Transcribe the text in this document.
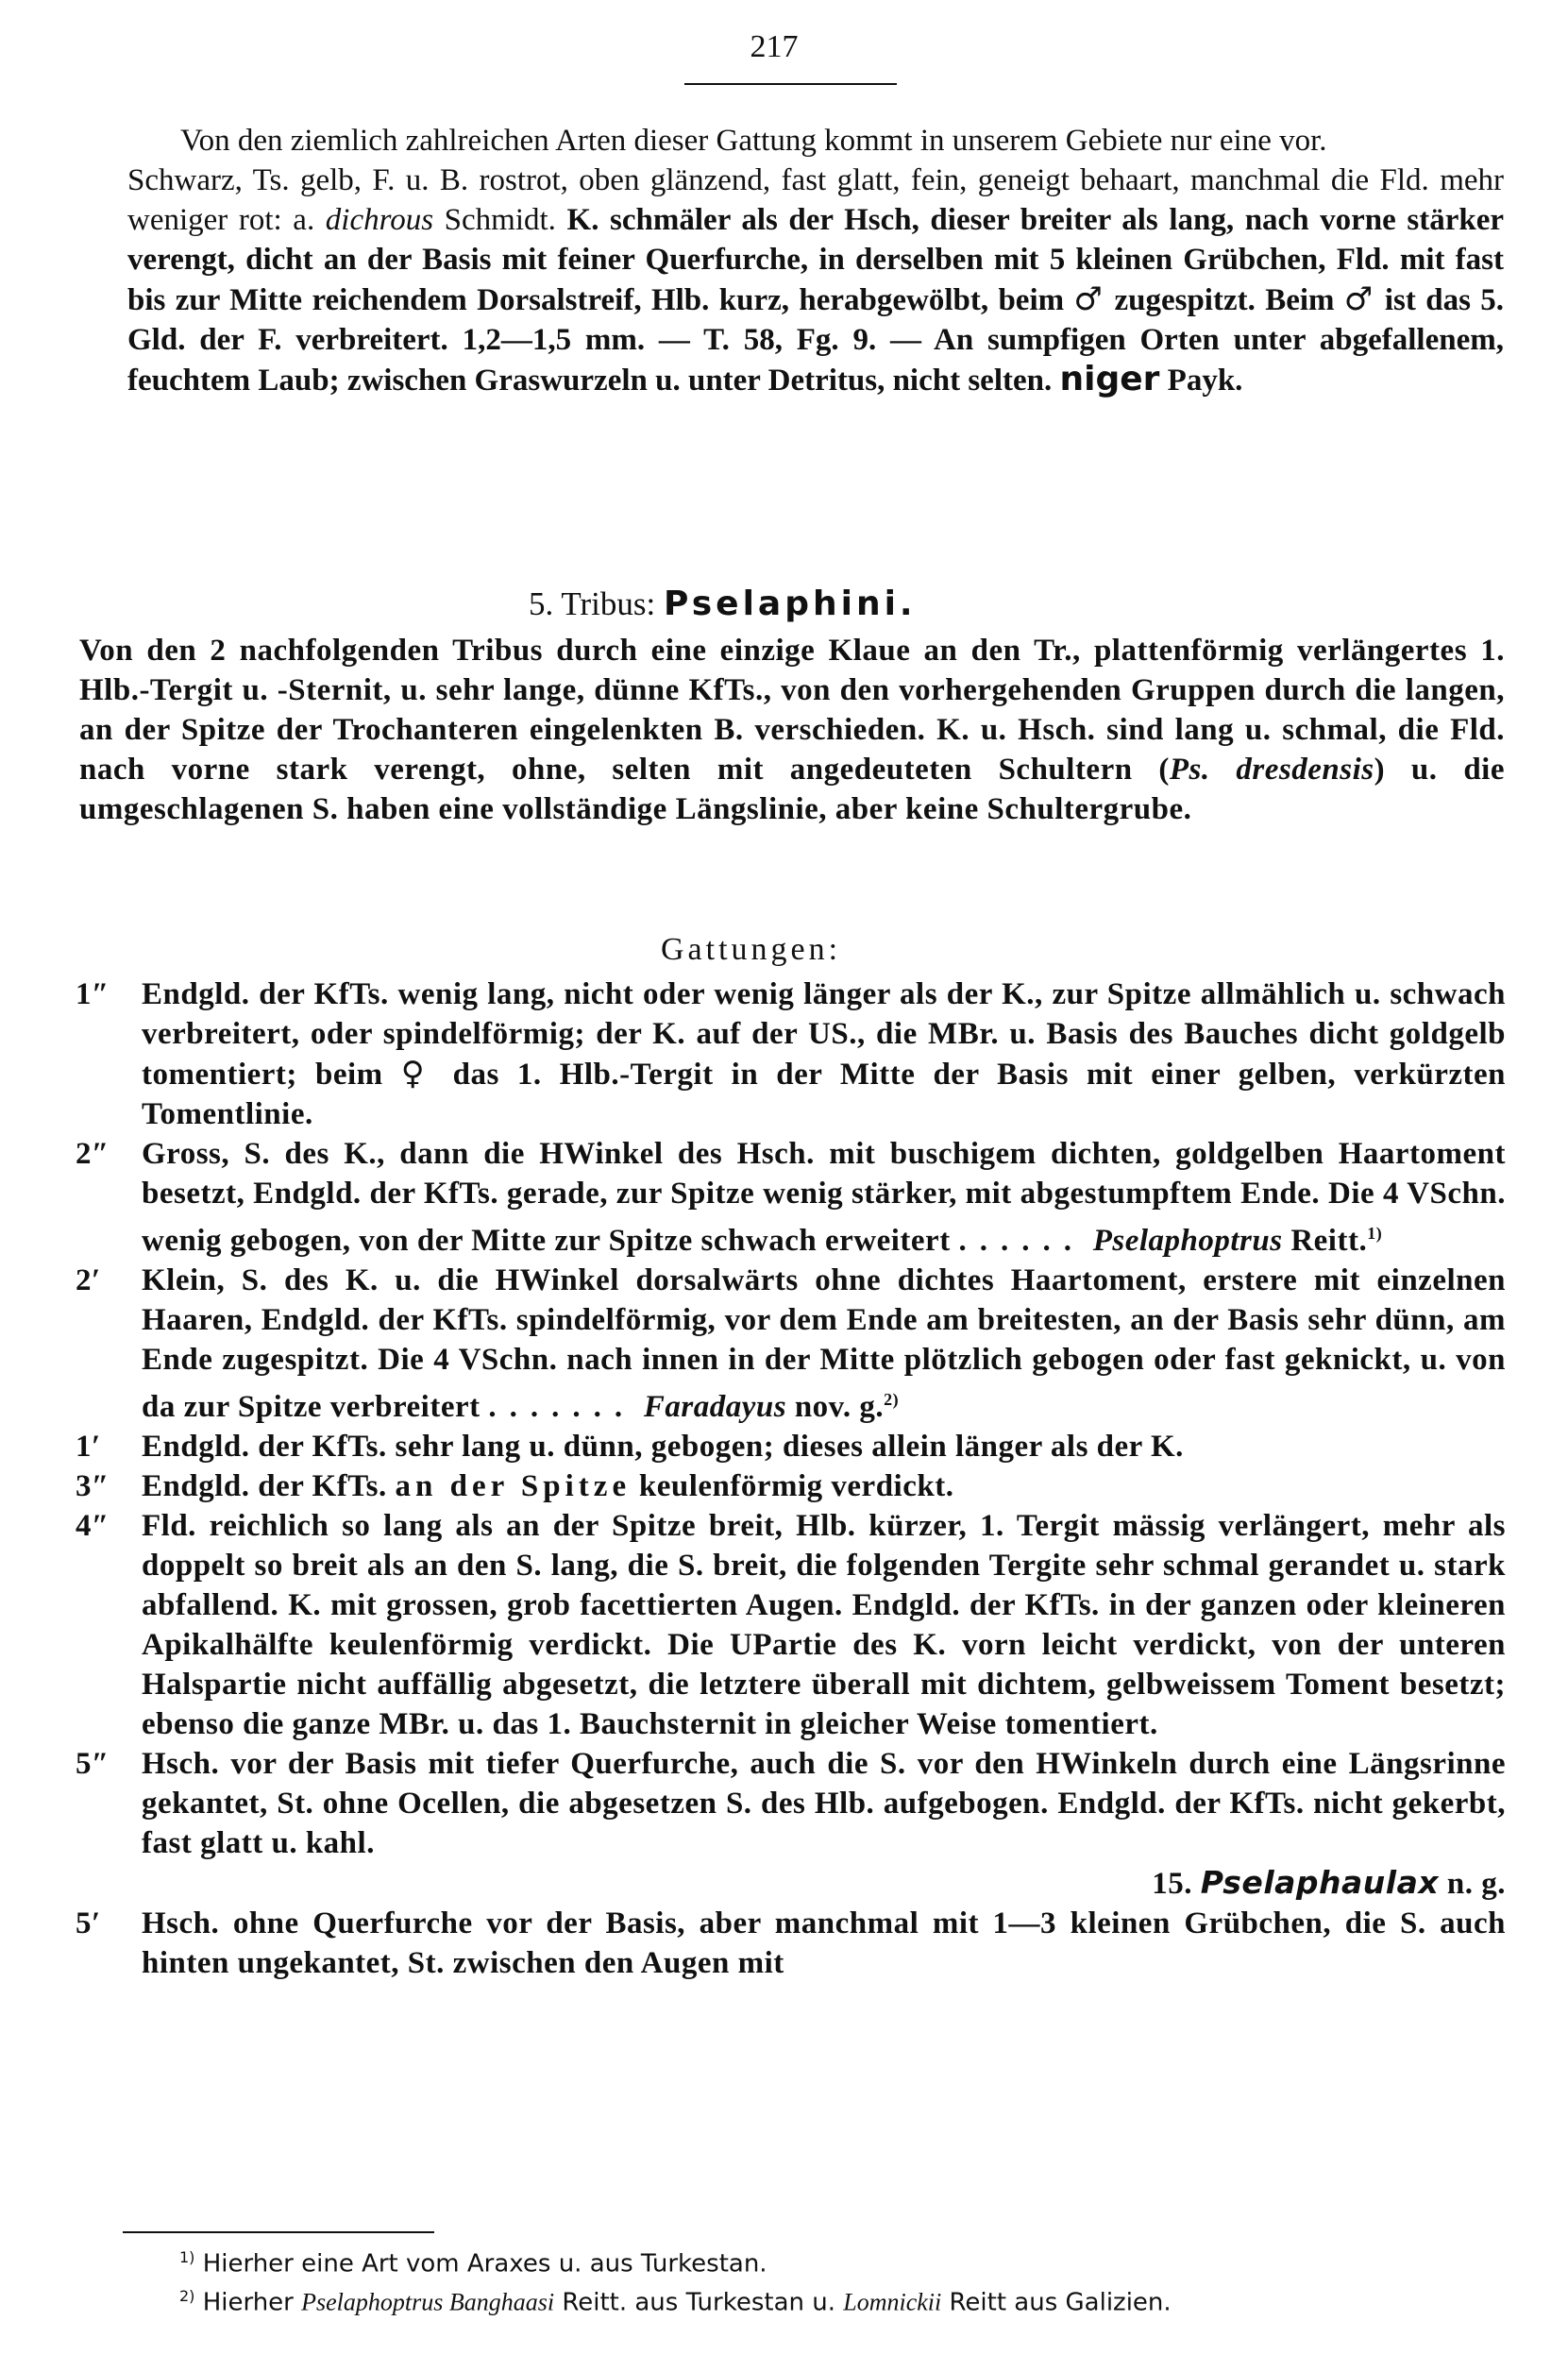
217
Von den ziemlich zahlreichen Arten dieser Gattung kommt in unserem Gebiete nur eine vor.
Schwarz, Ts. gelb, F. u. B. rostrot, oben glänzend, fast glatt, fein, geneigt behaart, manchmal die Fld. mehr weniger rot: a. dichrous Schmidt. K. schmäler als der Hsch, dieser breiter als lang, nach vorne stärker verengt, dicht an der Basis mit feiner Querfurche, in derselben mit 5 kleinen Grübchen, Fld. mit fast bis zur Mitte reichendem Dorsalstreif, Hlb. kurz, herabgewölbt, beim ♂ zugespitzt. Beim ♂ ist das 5. Gld. der F. verbreitert. 1,2—1,5 mm. — T. 58, Fg. 9. — An sumpfigen Orten unter abgefallenem, feuchtem Laub; zwischen Graswurzeln u. unter Detritus, nicht selten. niger Payk.
5. Tribus: Pselaphini.
Von den 2 nachfolgenden Tribus durch eine einzige Klaue an den Tr., plattenförmig verlängertes 1. Hlb.-Tergit u. -Sternit, u. sehr lange, dünne KfTs., von den vorhergehenden Gruppen durch die langen, an der Spitze der Trochanteren eingelenkten B. verschieden. K. u. Hsch. sind lang u. schmal, die Fld. nach vorne stark verengt, ohne, selten mit angedeuteten Schultern (Ps. dresdensis) u. die umgeschlagenen S. haben eine vollständige Längslinie, aber keine Schultergrube.
Gattungen:
1″	Endgld. der KfTs. wenig lang, nicht oder wenig länger als der K., zur Spitze allmählich u. schwach verbreitert, oder spindelförmig; der K. auf der US., die MBr. u. Basis des Bauches dicht goldgelb tomentiert; beim ♀ das 1. Hlb.-Tergit in der Mitte der Basis mit einer gelben, verkürzten Tomentlinie.
2″	Gross, S. des K., dann die HWinkel des Hsch. mit buschigem dichten, goldgelben Haartoment besetzt, Endgld. der KfTs. gerade, zur Spitze wenig stärker, mit abgestumpftem Ende. Die 4 VSchn. wenig gebogen, von der Mitte zur Spitze schwach erweitert ...... Pselaphoptrus Reitt.$^{1)}$
2′	Klein, S. des K. u. die HWinkel dorsalwärts ohne dichtes Haartoment, erstere mit einzelnen Haaren, Endgld. der KfTs. spindelförmig, vor dem Ende am breitesten, an der Basis sehr dünn, am Ende zugespitzt. Die 4 VSchn. nach innen in der Mitte plötzlich gebogen oder fast geknickt, u. von da zur Spitze verbreitert ....... Faradayus nov. g.$^{2)}$
1′	Endgld. der KfTs. sehr lang u. dünn, gebogen; dieses allein länger als der K.
3″	Endgld. der KfTs. an der Spitze keulenförmig verdickt.
4″	Fld. reichlich so lang als an der Spitze breit, Hlb. kürzer, 1. Tergit mässig verlängert, mehr als doppelt so breit als an den S. lang, die S. breit, die folgenden Tergite sehr schmal gerandet u. stark abfallend. K. mit grossen, grob facettierten Augen. Endgld. der KfTs. in der ganzen oder kleineren Apikalhälfte keulenförmig verdickt. Die UPartie des K. vorn leicht verdickt, von der unteren Halspartie nicht auffällig abgesetzt, die letztere überall mit dichtem, gelbweissem Toment besetzt; ebenso die ganze MBr. u. das 1. Bauchsternit in gleicher Weise tomentiert.
5″	Hsch. vor der Basis mit tiefer Querfurche, auch die S. vor den HWinkeln durch eine Längsrinne gekantet, St. ohne Ocellen, die abgesetzen S. des Hlb. aufgebogen. Endgld. der KfTs. nicht gekerbt, fast glatt u. kahl.
15. Pselaphaulax n. g.
5′	Hsch. ohne Querfurche vor der Basis, aber manchmal mit 1—3 kleinen Grübchen, die S. auch hinten ungekantet, St. zwischen den Augen mit
$^{1)}$ Hierher eine Art vom Araxes u. aus Turkestan.
$^{2)}$ Hierher Pselaphoptrus Banghaasi Reitt. aus Turkestan u. Lomnickii Reitt aus Galizien.
